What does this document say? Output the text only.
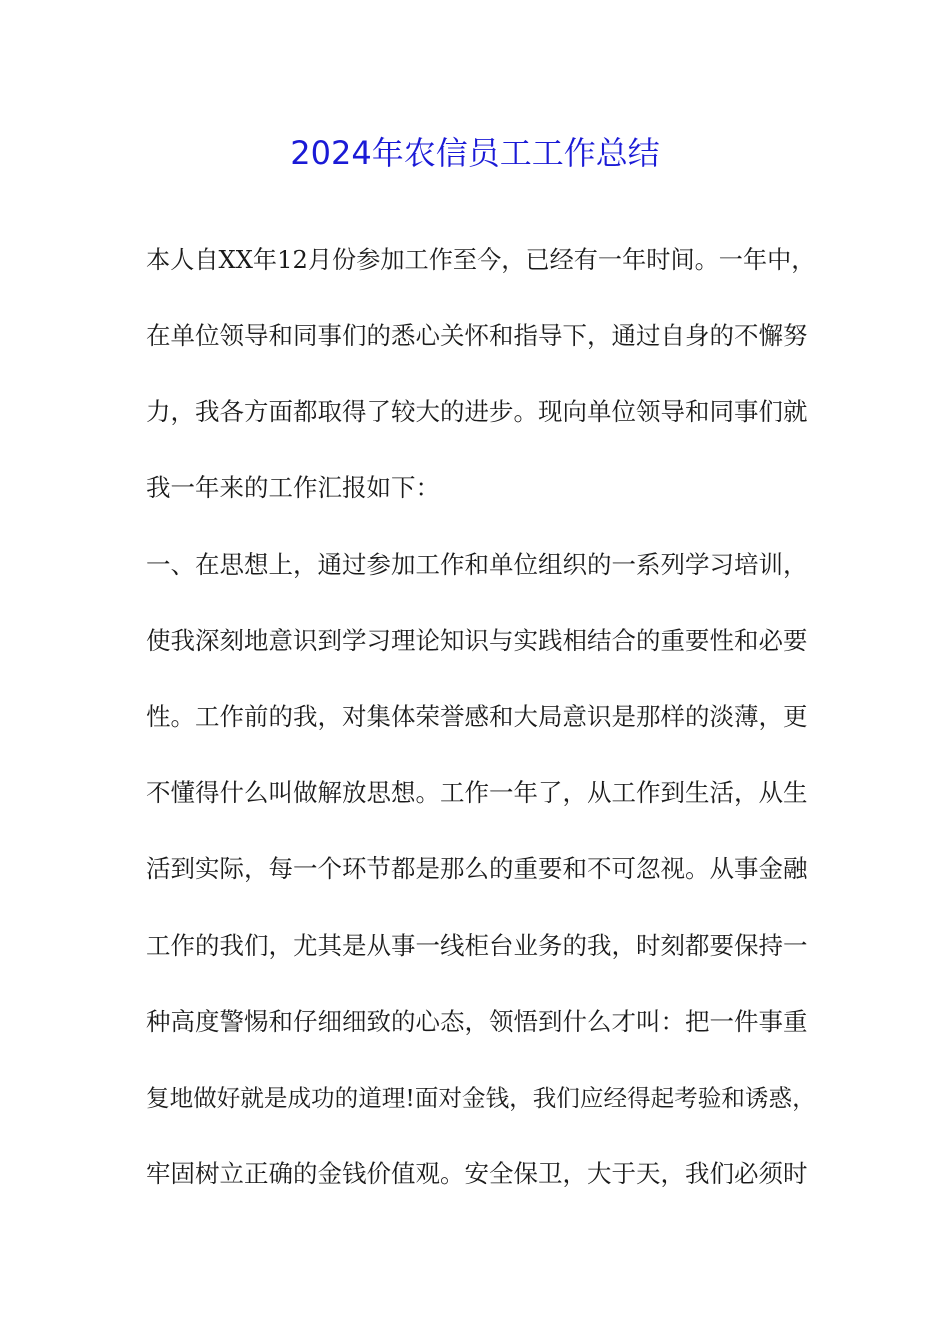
2024年农信员工工作总结
本人自XX年12月份参加工作至今，已经有一年时间。一年中，
在单位领导和同事们的悉心关怀和指导下，通过自身的不懈努
力，我各方面都取得了较大的进步。现向单位领导和同事们就
我一年来的工作汇报如下：
一、在思想上，通过参加工作和单位组织的一系列学习培训，
使我深刻地意识到学习理论知识与实践相结合的重要性和必要
性。工作前的我，对集体荣誉感和大局意识是那样的淡薄，更
不懂得什么叫做解放思想。工作一年了，从工作到生活，从生
活到实际，每一个环节都是那么的重要和不可忽视。从事金融
工作的我们，尤其是从事一线柜台业务的我，时刻都要保持一
种高度警惕和仔细细致的心态，领悟到什么才叫：把一件事重
复地做好就是成功的道理!面对金钱，我们应经得起考验和诱惑，
牢固树立正确的金钱价值观。安全保卫，大于天，我们必须时
